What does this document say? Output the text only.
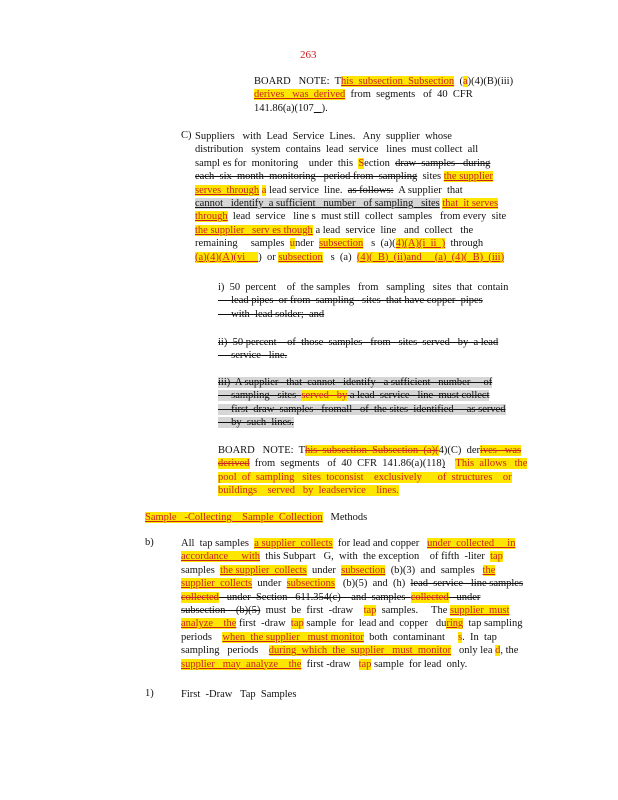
263
BOARD   NOTE:  This  subsection  Subsection  (a)(4)(B)(iii)
derives   was  derived  from  segments   of  40  CFR
141.86(a)(107 ).
C) Suppliers   with  Lead  Service  Lines.   Any  supplier  whose
distribution   system  contains  lead  service   lines  must collect  all
sampl es for  monitoring    under  this  Section  draw  samples   during
each  six  month  monitoring   period from  sampling  sites the supplier
serves  through a lead service  line.  as follows:  A supplier  that
cannot   identify  a sufficient   number   of sampling   sites that  it serves
through  lead  service   line s  must still  collect  samples   from every  site
the supplier   serv es though a lead  service  line   and  collect   the
remaining     samples  under  subsection   s  (a)(4)(A)(i  ii  )  through
(a)(4)(A)(vi     )  or subsection   s  (a)  (4)(  B)  (ii)and     (a)  (4)(  B)  (iii)
i)  50  percent    of  the samples   from   sampling   sites  that  contain
lead pipes  or from  sampling   sites  that have copper  pipes
with  lead solder;  and
ii)  50 percent    of  those  samples   from   sites  served   by  a lead
service   line.
iii)  A supplier   that  cannot   identify   a sufficient   number     of
sampling   sites  served   by a lead  service   line  must collect
first  draw  samples   fromall   of  the sites  identified     as served
by  such  lines.
BOARD   NOTE:  This  subsection  Subsection  (a)(4)(C)  derives   was
derived  from  segments   of  40  CFR  141.86(a)(118) This  allows   the
pool  of  sampling   sites  toconsist    exclusively      of  structures    or
buildings    served   by  leadservice    lines.
Sample   -Collecting    Sample  Collection   Methods
b)	All  tap samples  a supplier  collects  for lead and copper   under  collected     in
accordance     with  this Subpart   G,  with  the exception    of fifth  -liter  tap
samples  the supplier  collects  under  subsection  (b)(3)  and  samples   the
supplier  collects  under  subsections   (b)(5)  and  (h)  lead  service   line samples
collected   under  Section   611.354(c)    and  samples  collected   under
subsection    (b)(5)  must  be  first  -draw    tap  samples.     The supplier  must
analyze    the first  -draw  tap sample  for  lead and  copper   during  tap sampling
periods    when  the supplier   must monitor  both  contaminant     s.  In  tap
sampling   periods    during  which  the  supplier   must  monitor   only lea d, the
supplier   may  analyze    the  first -draw   tap sample  for lead  only.
1)	First  -Draw   Tap  Samples
